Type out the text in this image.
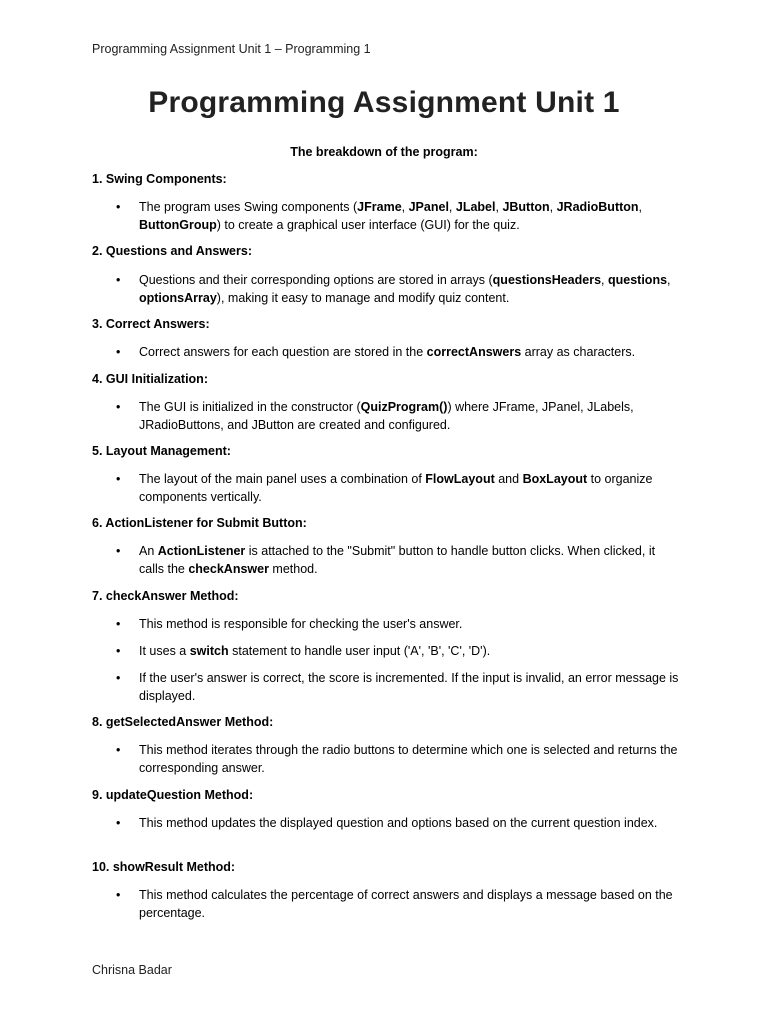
Programming Assignment Unit 1 – Programming 1
Programming Assignment Unit 1
The breakdown of the program:
1. Swing Components:
• The program uses Swing components (JFrame, JPanel, JLabel, JButton, JRadioButton, ButtonGroup) to create a graphical user interface (GUI) for the quiz.
2. Questions and Answers:
• Questions and their corresponding options are stored in arrays (questionsHeaders, questions, optionsArray), making it easy to manage and modify quiz content.
3. Correct Answers:
• Correct answers for each question are stored in the correctAnswers array as characters.
4. GUI Initialization:
• The GUI is initialized in the constructor (QuizProgram()) where JFrame, JPanel, JLabels, JRadioButtons, and JButton are created and configured.
5. Layout Management:
• The layout of the main panel uses a combination of FlowLayout and BoxLayout to organize components vertically.
6. ActionListener for Submit Button:
• An ActionListener is attached to the "Submit" button to handle button clicks. When clicked, it calls the checkAnswer method.
7. checkAnswer Method:
• This method is responsible for checking the user's answer.
• It uses a switch statement to handle user input ('A', 'B', 'C', 'D').
• If the user's answer is correct, the score is incremented. If the input is invalid, an error message is displayed.
8. getSelectedAnswer Method:
• This method iterates through the radio buttons to determine which one is selected and returns the corresponding answer.
9. updateQuestion Method:
• This method updates the displayed question and options based on the current question index.
10. showResult Method:
• This method calculates the percentage of correct answers and displays a message based on the percentage.
Chrisna Badar
